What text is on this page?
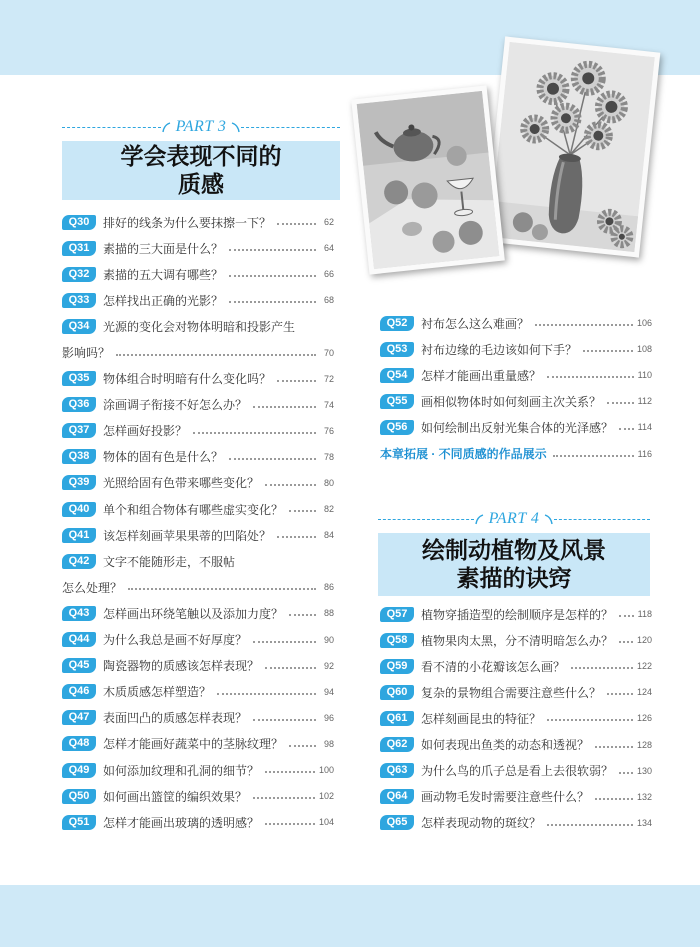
PART 3
学会表现不同的
质感
Q30	排好的线条为什么要抹擦一下？	62
Q31	素描的三大面是什么？	64
Q32	素描的五大调有哪些？	66
Q33	怎样找出正确的光影？	68
Q34	光源的变化会对物体明暗和投影产生
影响吗？	70
Q35	物体组合时明暗有什么变化吗？	72
Q36	涂画调子衔接不好怎么办？	74
Q37	怎样画好投影？	76
Q38	物体的固有色是什么？	78
Q39	光照给固有色带来哪些变化？	80
Q40	单个和组合物体有哪些虚实变化？	82
Q41	该怎样刻画苹果果蒂的凹陷处？	84
Q42	文字不能随形走，不服帖
怎么处理？	86
Q43	怎样画出环绕笔触以及添加力度？	88
Q44	为什么我总是画不好厚度？	90
Q45	陶瓷器物的质感该怎样表现？	92
Q46	木质质感怎样塑造？	94
Q47	表面凹凸的质感怎样表现？	96
Q48	怎样才能画好蔬菜中的茎脉纹理？	98
Q49	如何添加纹理和孔洞的细节？	100
Q50	如何画出篮筐的编织效果？	102
Q51	怎样才能画出玻璃的透明感？	104
Q52	衬布怎么这么难画？	106
Q53	衬布边缘的毛边该如何下手？	108
Q54	怎样才能画出重量感？	110
Q55	画相似物体时如何刻画主次关系？	112
Q56	如何绘制出反射光集合体的光泽感？	114
本章拓展 · 不同质感的作品展示	116
PART 4
绘制动植物及风景
素描的诀窍
Q57	植物穿插造型的绘制顺序是怎样的？	118
Q58	植物果肉太黑，分不清明暗怎么办？	120
Q59	看不清的小花瓣该怎么画？	122
Q60	复杂的景物组合需要注意些什么？	124
Q61	怎样刻画昆虫的特征？	126
Q62	如何表现出鱼类的动态和透视？	128
Q63	为什么鸟的爪子总是看上去很软弱？	130
Q64	画动物毛发时需要注意些什么？	132
Q65	怎样表现动物的斑纹？	134
